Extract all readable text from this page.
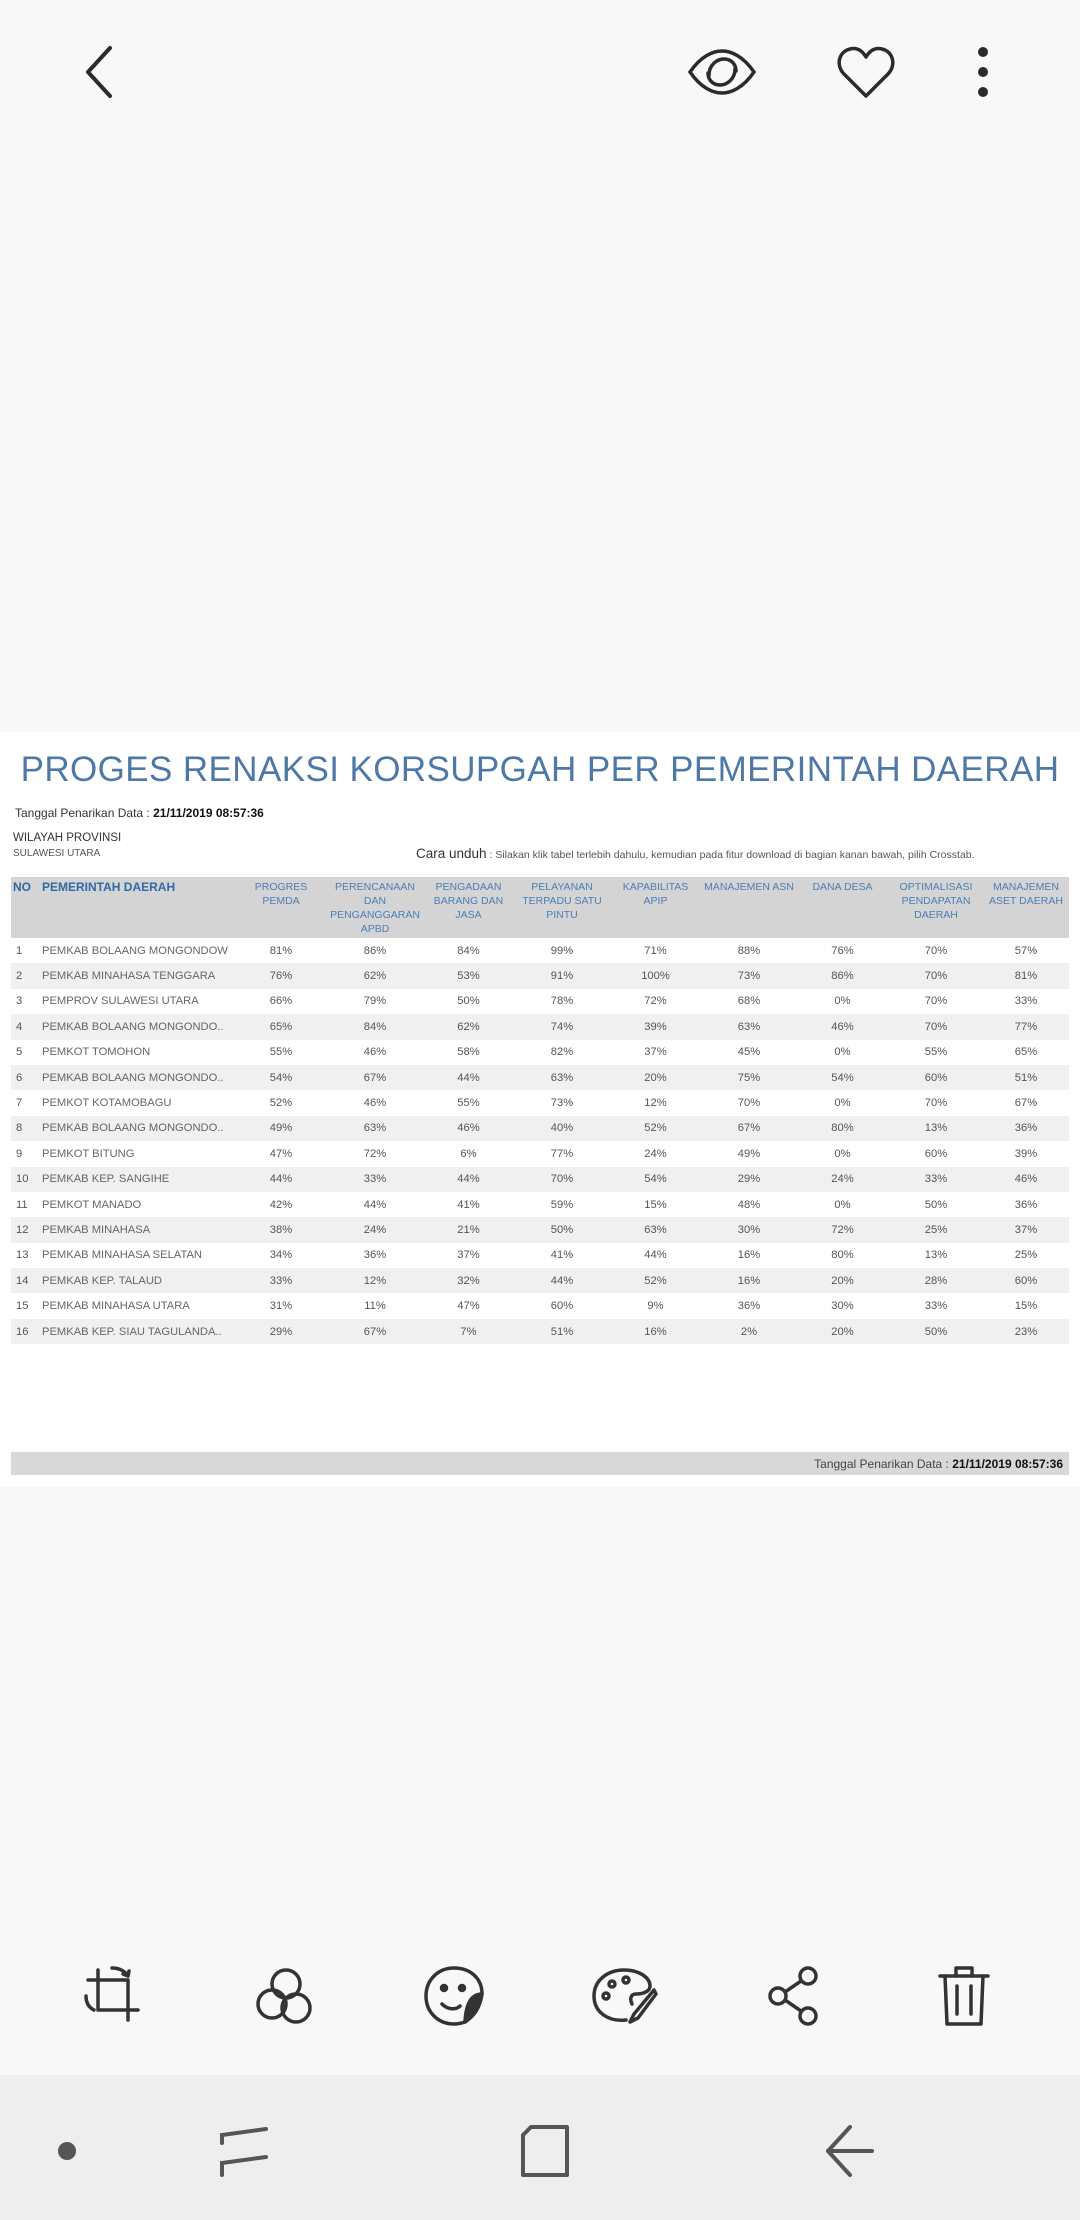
PROGES RENAKSI KORSUPGAH PER PEMERINTAH DAERAH
Tanggal Penarikan Data : 21/11/2019 08:57:36
WILAYAH PROVINSI
SULAWESI UTARA	Cara unduh : Silakan klik tabel terlebih dahulu, kemudian pada fitur download di bagian kanan bawah, pilih Crosstab.
NO	PEMERINTAH DAERAH	PROGRES PEMDA	PERENCANAAN DAN PENGANGGARAN APBD	PENGADAAN BARANG DAN JASA	PELAYANAN TERPADU SATU PINTU	KAPABILITAS APIP	MANAJEMEN ASN	DANA DESA	OPTIMALISASI PENDAPATAN DAERAH	MANAJEMEN ASET DAERAH
1	PEMKAB BOLAANG MONGONDOW	81%	86%	84%	99%	71%	88%	76%	70%	57%
2	PEMKAB MINAHASA TENGGARA	76%	62%	53%	91%	100%	73%	86%	70%	81%
3	PEMPROV SULAWESI UTARA	66%	79%	50%	78%	72%	68%	0%	70%	33%
4	PEMKAB BOLAANG MONGONDO..	65%	84%	62%	74%	39%	63%	46%	70%	77%
5	PEMKOT TOMOHON	55%	46%	58%	82%	37%	45%	0%	55%	65%
6	PEMKAB BOLAANG MONGONDO..	54%	67%	44%	63%	20%	75%	54%	60%	51%
7	PEMKOT KOTAMOBAGU	52%	46%	55%	73%	12%	70%	0%	70%	67%
8	PEMKAB BOLAANG MONGONDO..	49%	63%	46%	40%	52%	67%	80%	13%	36%
9	PEMKOT BITUNG	47%	72%	6%	77%	24%	49%	0%	60%	39%
10	PEMKAB KEP. SANGIHE	44%	33%	44%	70%	54%	29%	24%	33%	46%
11	PEMKOT MANADO	42%	44%	41%	59%	15%	48%	0%	50%	36%
12	PEMKAB MINAHASA	38%	24%	21%	50%	63%	30%	72%	25%	37%
13	PEMKAB MINAHASA SELATAN	34%	36%	37%	41%	44%	16%	80%	13%	25%
14	PEMKAB KEP. TALAUD	33%	12%	32%	44%	52%	16%	20%	28%	60%
15	PEMKAB MINAHASA UTARA	31%	11%	47%	60%	9%	36%	30%	33%	15%
16	PEMKAB KEP. SIAU TAGULANDA..	29%	67%	7%	51%	16%	2%	20%	50%	23%
Tanggal Penarikan Data : 21/11/2019 08:57:36
